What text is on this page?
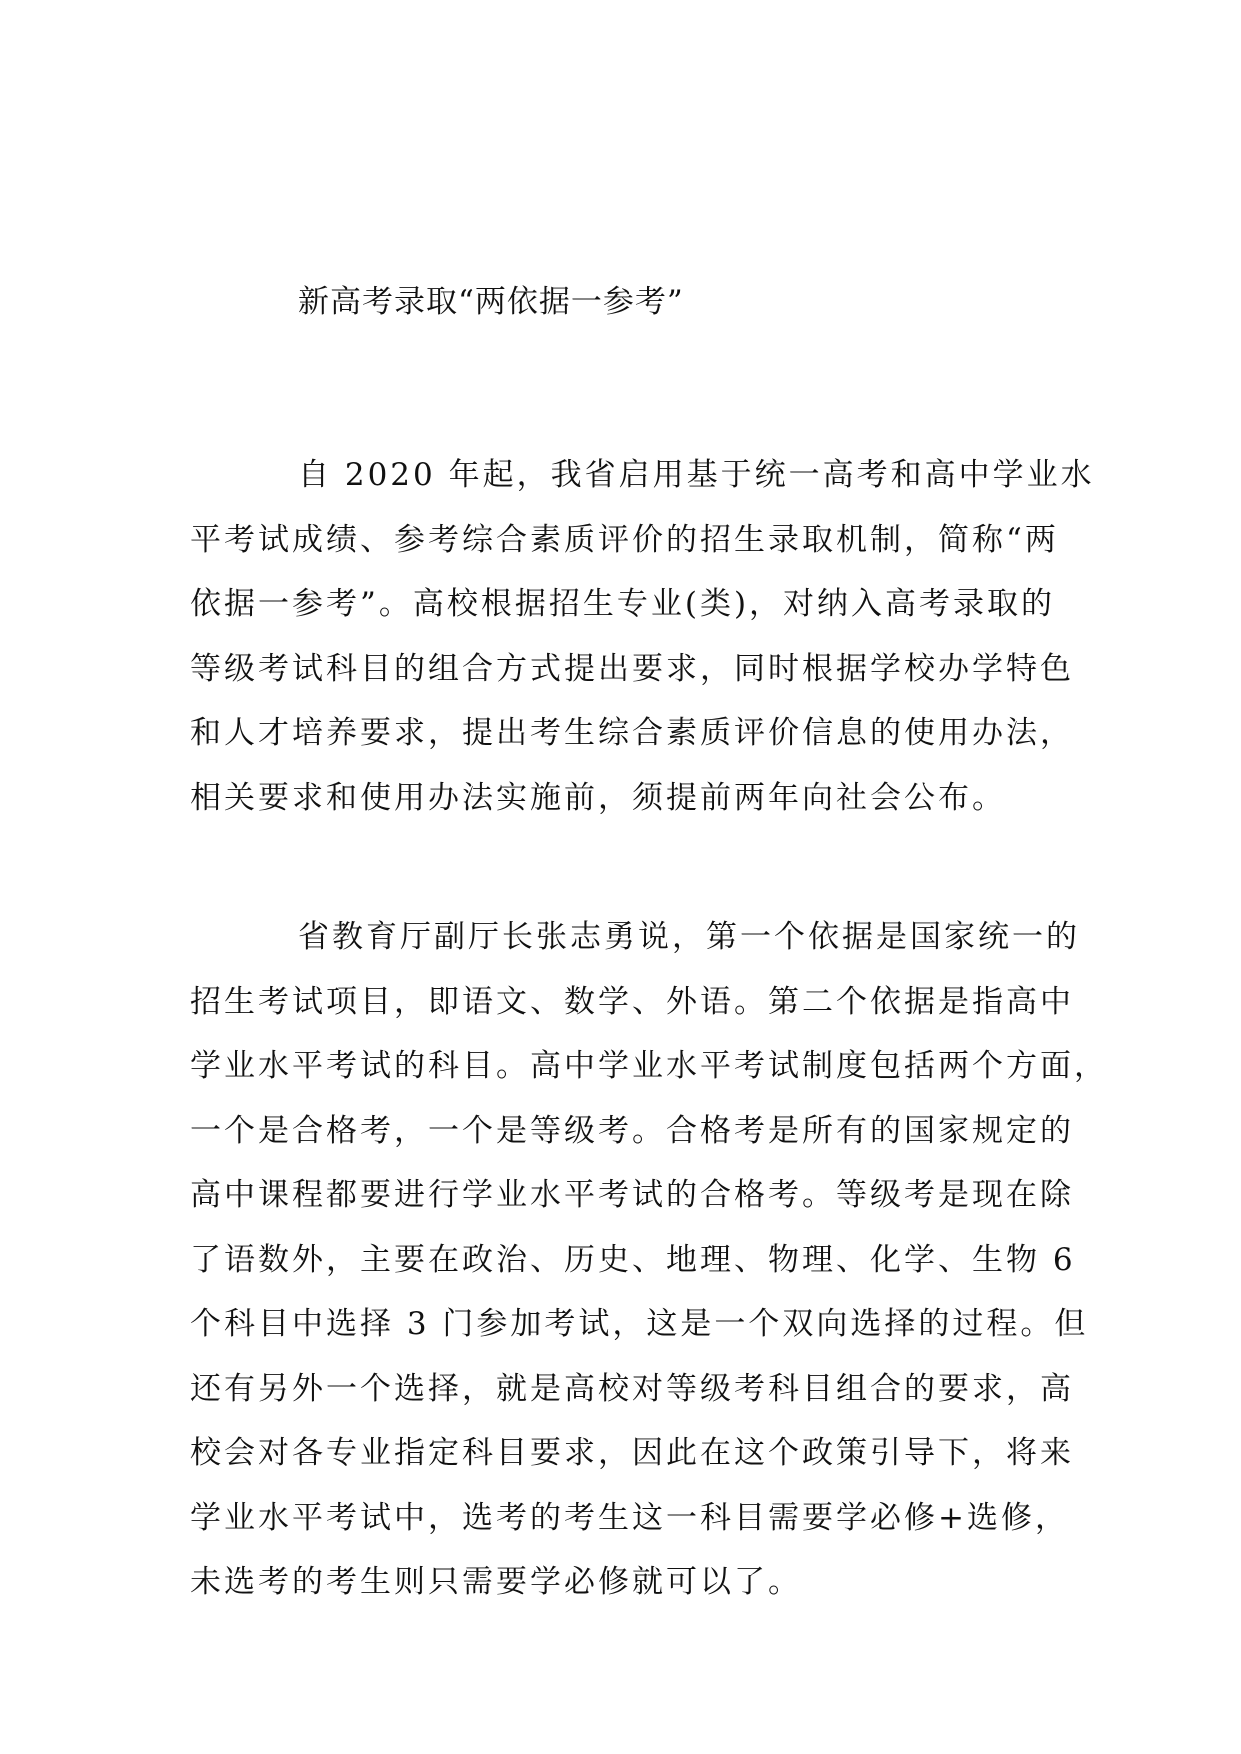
新高考录取“两依据一参考”
自 2020 年起，我省启用基于统一高考和高中学业水
平考试成绩、参考综合素质评价的招生录取机制，简称“两
依据一参考”。高校根据招生专业(类)，对纳入高考录取的
等级考试科目的组合方式提出要求，同时根据学校办学特色
和人才培养要求，提出考生综合素质评价信息的使用办法，
相关要求和使用办法实施前，须提前两年向社会公布。
省教育厅副厅长张志勇说，第一个依据是国家统一的
招生考试项目，即语文、数学、外语。第二个依据是指高中
学业水平考试的科目。高中学业水平考试制度包括两个方面，
一个是合格考，一个是等级考。合格考是所有的国家规定的
高中课程都要进行学业水平考试的合格考。等级考是现在除
了语数外，主要在政治、历史、地理、物理、化学、生物 6
个科目中选择 3 门参加考试，这是一个双向选择的过程。但
还有另外一个选择，就是高校对等级考科目组合的要求，高
校会对各专业指定科目要求，因此在这个政策引导下，将来
学业水平考试中，选考的考生这一科目需要学必修+选修，
未选考的考生则只需要学必修就可以了。
